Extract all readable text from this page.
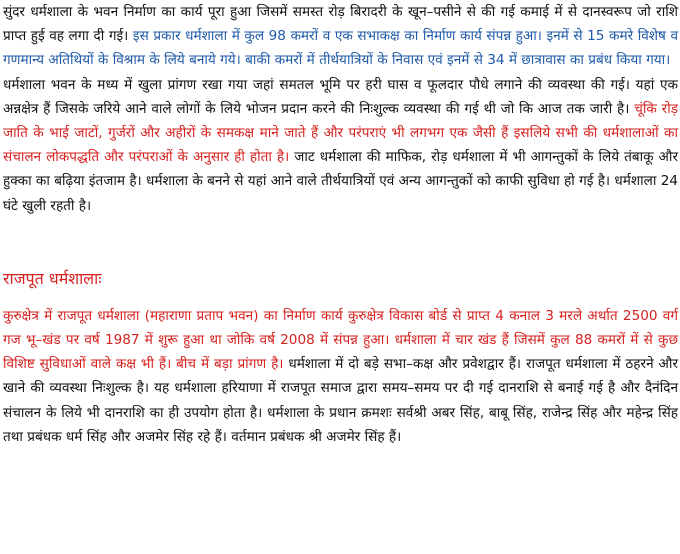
सुंदर धर्मशाला के भवन निर्माण का कार्य पूरा हुआ जिसमें समस्त रोड़ बिरादरी के खून–पसीने से की गई कमाई में से दानस्वरूप जो राशि प्राप्त हुई वह लगा दी गई। इस प्रकार धर्मशाला में कुल 98 कमरों व एक सभाकक्ष का निर्माण कार्य संपन्न हुआ। इनमें से 15 कमरे विशेष व गणमान्य अतिथियों के विश्राम के लिये बनाये गये। बाकी कमरों में तीर्थयात्रियों के निवास एवं इनमें से 34 में छात्रावास का प्रबंध किया गया।
धर्मशाला भवन के मध्य में खुला प्रांगण रखा गया जहां समतल भूमि पर हरी घास व फूलदार पौधे लगाने की व्यवस्था की गई। यहां एक अन्नक्षेत्र हैं जिसके जरिये आने वाले लोगों के लिये भोजन प्रदान करने की निःशुल्क व्यवस्था की गई थी जो कि आज तक जारी है। चूंकि रोड़ जाति के भाई जाटों, गुर्जरों और अहीरों के समकक्ष माने जाते हैं और परंपराएं भी लगभग एक जैसी हैं इसलिये सभी की धर्मशालाओं का संचालन लोकपद्धति और परंपराओं के अनुसार ही होता है। जाट धर्मशाला की माफिक, रोड़ धर्मशाला में भी आगन्तुकों के लिये तंबाकू और हुक्का का बढ़िया इंतजाम है। धर्मशाला के बनने से यहां आने वाले तीर्थयात्रियों एवं अन्य आगन्तुकों को काफी सुविधा हो गई है। धर्मशाला 24 घंटे खुली रहती है।

राजपूत धर्मशालाः

कुरुक्षेत्र में राजपूत धर्मशाला (महाराणा प्रताप भवन) का निर्माण कार्य कुरुक्षेत्र विकास बोर्ड से प्राप्त 4 कनाल 3 मरले अर्थात 2500 वर्ग गज भू–खंड पर वर्ष 1987 में शुरू हुआ था जोकि वर्ष 2008 में संपन्न हुआ। धर्मशाला में चार खंड हैं जिसमें कुल 88 कमरों में से कुछ विशिष्ट सुविधाओं वाले कक्ष भी हैं। बीच में बड़ा प्रांगण है। धर्मशाला में दो बड़े सभा–कक्ष और प्रवेशद्वार हैं। राजपूत धर्मशाला में ठहरने और खाने की व्यवस्था निःशुल्क है। यह धर्मशाला हरियाणा में राजपूत समाज द्वारा समय–समय पर दी गई दानराशि से बनाई गई है और दैनंदिन संचालन के लिये भी दानराशि का ही उपयोग होता है। धर्मशाला के प्रधान क्रमशः सर्वश्री अबर सिंह, बाबू सिंह, राजेन्द्र सिंह और महेन्द्र सिंह तथा प्रबंधक धर्म सिंह और अजमेर सिंह रहे हैं। वर्तमान प्रबंधक श्री अजमेर सिंह हैं।
